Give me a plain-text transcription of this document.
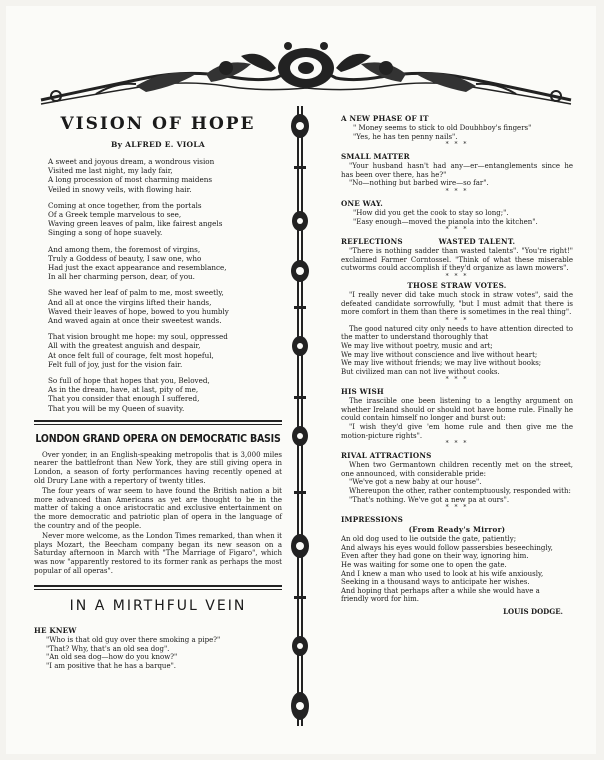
VISION OF HOPE
By ALFRED E. VIOLA
A sweet and joyous dream, a wondrous vision
Visited me last night, my lady fair,
A long procession of most charming maidens
Veiled in snowy veils, with flowing hair.
Coming at once together, from the portals
Of a Greek temple marvelous to see,
Waving green leaves of palm, like fairest angels
Singing a song of hope suavely.
And among them, the foremost of virgins,
Truly a Goddess of beauty, I saw one, who
Had just the exact appearance and resemblance,
In all her charming person, dear, of you.
She waved her leaf of palm to me, most sweetly,
And all at once the virgins lifted their hands,
Waved their leaves of hope, bowed to you humbly
And waved again at once their sweetest wands.
That vision brought me hope: my soul, oppressed
All with the greatest anguish and despair,
At once felt full of courage, felt most hopeful,
Felt full of joy, just for the vision fair.
So full of hope that hopes that you, Beloved,
As in the dream, have, at last, pity of me,
That you consider that enough I suffered,
That you will be my Queen of suavity.
LONDON GRAND OPERA ON DEMOCRATIC BASIS

Over yonder, in an English-speaking metropolis that is 3,000 miles nearer the battlefront than New York, they are still giving opera in London, a season of forty performances having recently opened at old Drury Lane with a repertory of twenty titles.

The four years of war seem to have found the British nation a bit more advanced than Americans as yet are thought to be in the matter of taking a once aristocratic and exclusive entertainment on the more democratic and patriotic plan of opera in the language of the country and of the people.

Never more welcome, as the London Times remarked, than when it plays Mozart, the Beecham company began its new season on a Saturday afternoon in March with "The Marriage of Figaro", which was now "apparently restored to its former rank as perhaps the most popular of all operas".

IN A MIRTHFUL VEIN
HE KNEW
"Who is that old guy over there smoking a pipe?"
"That? Why, that's an old sea dog".
"An old sea dog—how do you know?"
"I am positive that he has a barque".
A NEW PHASE OF IT
" Money seems to stick to old Doubhboy's fingers"
"Yes, he has ten penny nails".
* * *
SMALL MATTER

"Your husband hasn't had any—er—entanglements since he has been over there, has he?"

"No—nothing but barbed wire—so far".

* * *
ONE WAY.
"How did you get the cook to stay so long;".
"Easy enough—moved the pianola into the kitchen".
* * *
REFLECTIONS	WASTED TALENT.

"There is nothing sadder than wasted talents". "You're right!" exclaimed Farmer Corntossel. "Think of what these miserable cutworms could accomplish if they'd organize as lawn mowers".

* * *
THOSE STRAW VOTES.

"I really never did take much stock in straw votes", said the defeated candidate sorrowfully, "but I must admit that there is more comfort in them than there is sometimes in the real thing".

* * *

The good natured city only needs to have attention directed to the matter to understand thoroughly that

We may live without poetry, music and art;

We may live without conscience and live without heart;

We may live without friends; we may live without books;

But civilized man can not live without cooks.

* * *
HIS WISH

The irascible one been listening to a lengthy argument on whether Ireland should or should not have home rule. Finally he could contain himself no longer and burst out:

"I wish they'd give 'em home rule and then give me the motion-picture rights".

* * *
RIVAL ATTRACTIONS

When two Germantown children recently met on the street, one announced, with considerable pride:

"We've got a new baby at our house".

Whereupon the other, rather contemptuously, responded with:

"That's nothing. We've got a new pa at ours".

* * *
IMPRESSIONS
(From Ready's Mirror)

An old dog used to lie outside the gate, patiently;

And always his eyes would follow passersbies beseechingly,

Even after they had gone on their way, ignoring him.

He was waiting for some one to open the gate.

And I knew a man who used to look at his wife anxiously,

Seeking in a thousand ways to anticipate her wishes.

And hoping that perhaps after a while she would have a

friendly word for him.

LOUIS DODGE.
